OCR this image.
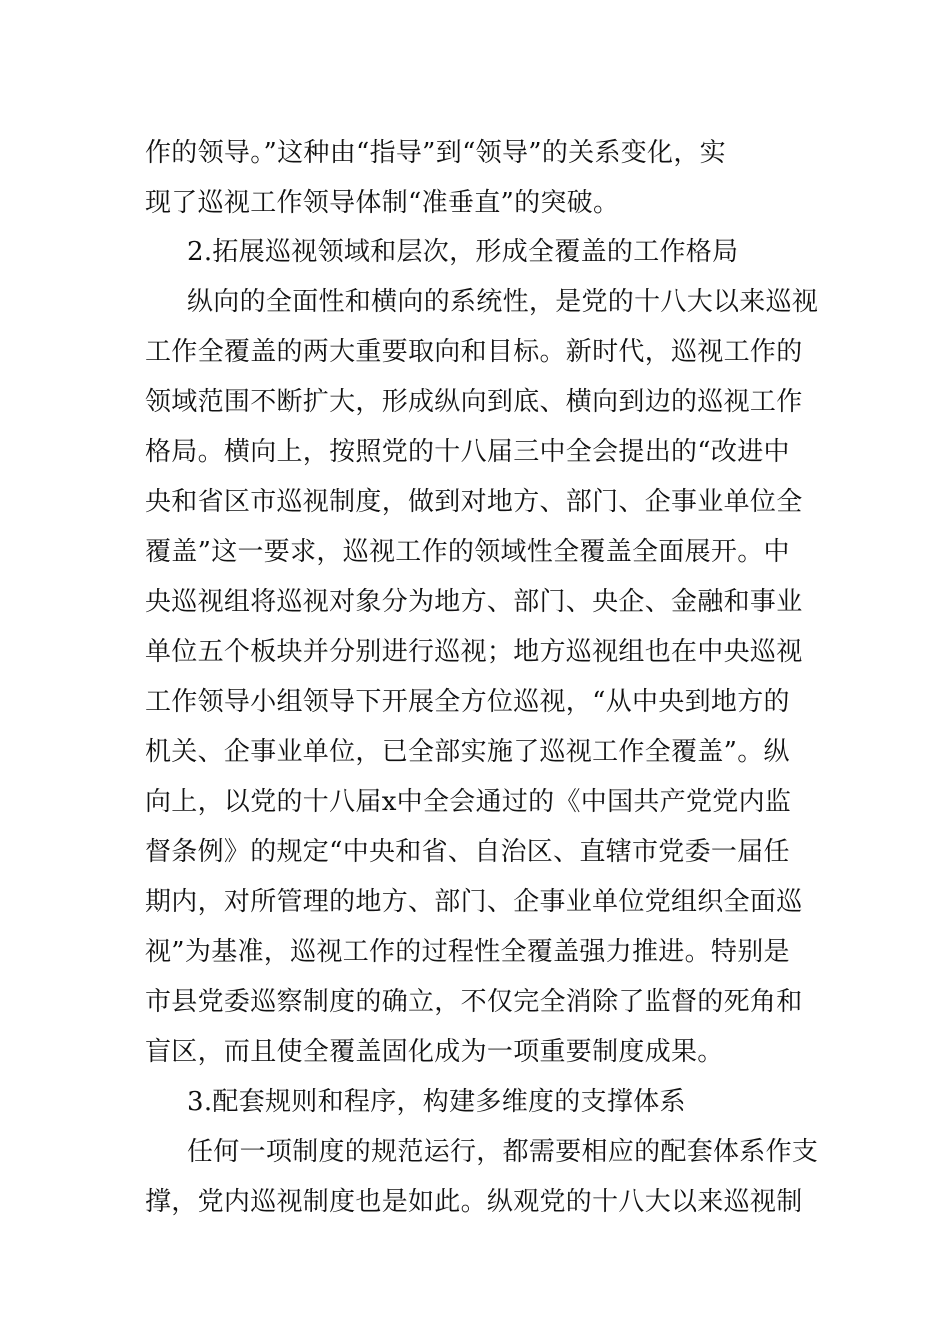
作的领导。”这种由“指导”到“领导”的关系变化，实
现了巡视工作领导体制“准垂直”的突破。
2.拓展巡视领域和层次，形成全覆盖的工作格局
纵向的全面性和横向的系统性，是党的十八大以来巡视
工作全覆盖的两大重要取向和目标。新时代，巡视工作的
领域范围不断扩大，形成纵向到底、横向到边的巡视工作
格局。横向上，按照党的十八届三中全会提出的“改进中
央和省区市巡视制度，做到对地方、部门、企事业单位全
覆盖”这一要求，巡视工作的领域性全覆盖全面展开。中
央巡视组将巡视对象分为地方、部门、央企、金融和事业
单位五个板块并分别进行巡视；地方巡视组也在中央巡视
工作领导小组领导下开展全方位巡视，“从中央到地方的
机关、企事业单位，已全部实施了巡视工作全覆盖”。纵
向上，以党的十八届x中全会通过的《中国共产党党内监
督条例》的规定“中央和省、自治区、直辖市党委一届任
期内，对所管理的地方、部门、企事业单位党组织全面巡
视”为基准，巡视工作的过程性全覆盖强力推进。特别是
市县党委巡察制度的确立，不仅完全消除了监督的死角和
盲区，而且使全覆盖固化成为一项重要制度成果。
3.配套规则和程序，构建多维度的支撑体系
任何一项制度的规范运行，都需要相应的配套体系作支
撑，党内巡视制度也是如此。纵观党的十八大以来巡视制
